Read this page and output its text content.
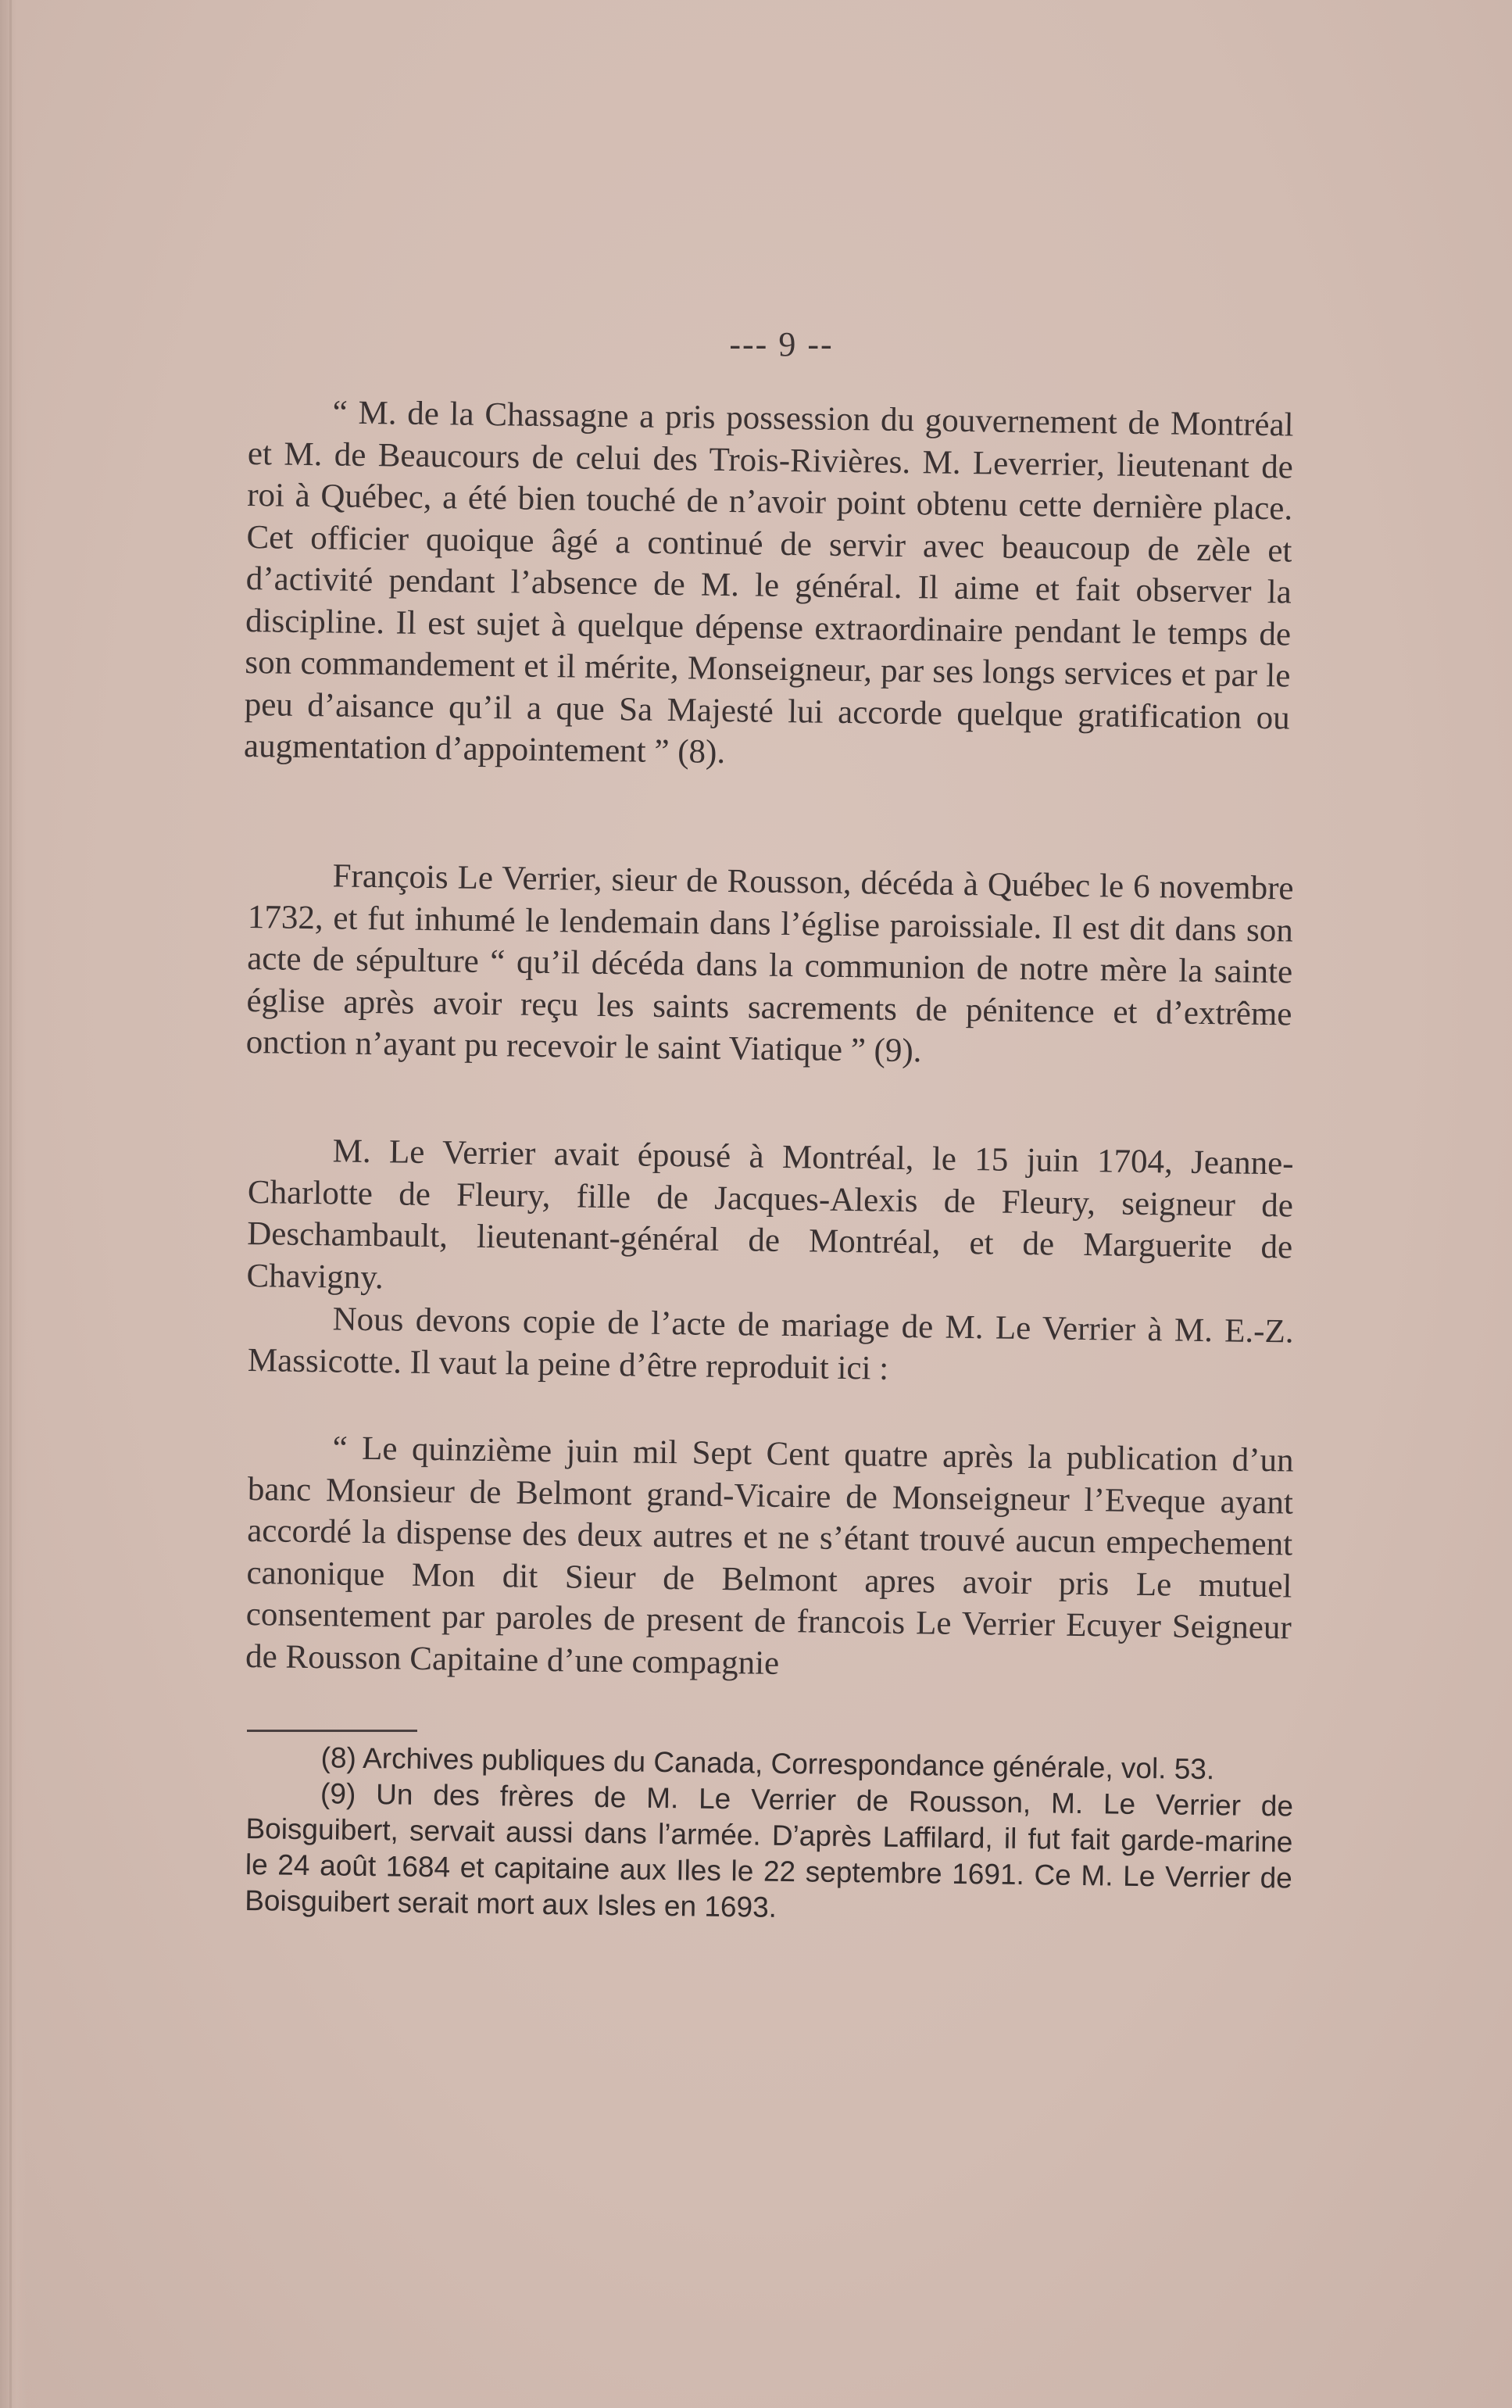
--- 9 --

“ M. de la Chassagne a pris possession du gouvernement de Montréal et M. de Beaucours de celui des Trois-Rivières. M. Leverrier, lieutenant de roi à Québec, a été bien touché de n’avoir point obtenu cette dernière place. Cet officier quoique âgé a continué de servir avec beaucoup de zèle et d’activité pendant l’absence de M. le général. Il aime et fait observer la discipline. Il est sujet à quelque dépense extraordinaire pendant le temps de son commandement et il mérite, Monseigneur, par ses longs services et par le peu d’aisance qu’il a que Sa Majesté lui accorde quelque gratification ou augmentation d’appointement ” (8).

François Le Verrier, sieur de Rousson, décéda à Québec le 6 novembre 1732, et fut inhumé le lendemain dans l’église paroissiale. Il est dit dans son acte de sépulture “ qu’il décéda dans la communion de notre mère la sainte église après avoir reçu les saints sacrements de pénitence et d’extrême onction n’ayant pu recevoir le saint Viatique ” (9).

M. Le Verrier avait épousé à Montréal, le 15 juin 1704, Jeanne-Charlotte de Fleury, fille de Jacques-Alexis de Fleury, seigneur de Deschambault, lieutenant-général de Montréal, et de Marguerite de Chavigny.

Nous devons copie de l’acte de mariage de M. Le Verrier à M. E.-Z. Massicotte. Il vaut la peine d’être reproduit ici :

“ Le quinzième juin mil Sept Cent quatre après la publication d’un banc Monsieur de Belmont grand-Vicaire de Monseigneur l’Eveque ayant accordé la dispense des deux autres et ne s’étant trouvé aucun empechement canonique Mon dit Sieur de Belmont apres avoir pris Le mutuel consentement par paroles de present de francois Le Verrier Ecuyer Seigneur de Rousson Capitaine d’une compagnie

(8) Archives publiques du Canada, Correspondance générale, vol. 53.

(9) Un des frères de M. Le Verrier de Rousson, M. Le Verrier de Boisguibert, servait aussi dans l’armée. D’après Laffilard, il fut fait garde-marine le 24 août 1684 et capitaine aux Iles le 22 septembre 1691. Ce M. Le Verrier de Boisguibert serait mort aux Isles en 1693.
